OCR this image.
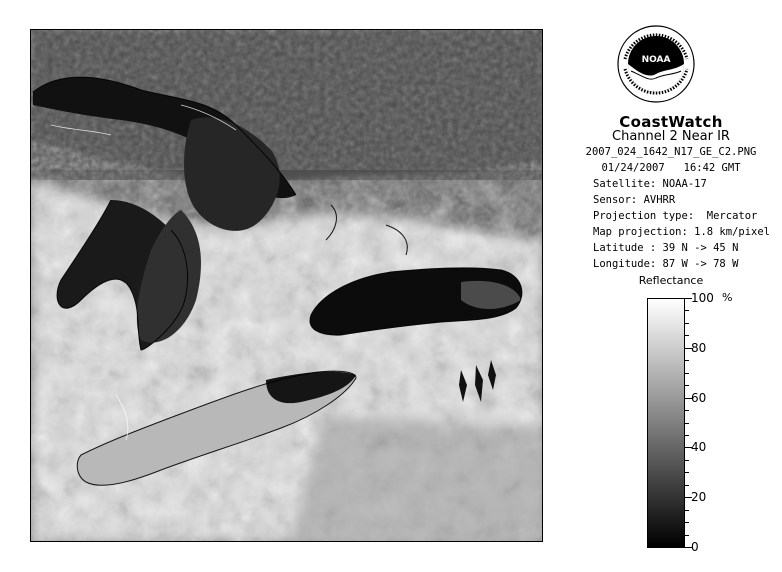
NOAA
CoastWatch
Channel 2 Near IR
2007_024_1642_N17_GE_C2.PNG
01/24/2007   16:42 GMT
Satellite: NOAA-17
Sensor: AVHRR
Projection type:  Mercator
Map projection: 1.8 km/pixel
Latitude : 39 N -> 45 N
Longitude: 87 W -> 78 W
Reflectance
%
100
80
60
40
20
0
